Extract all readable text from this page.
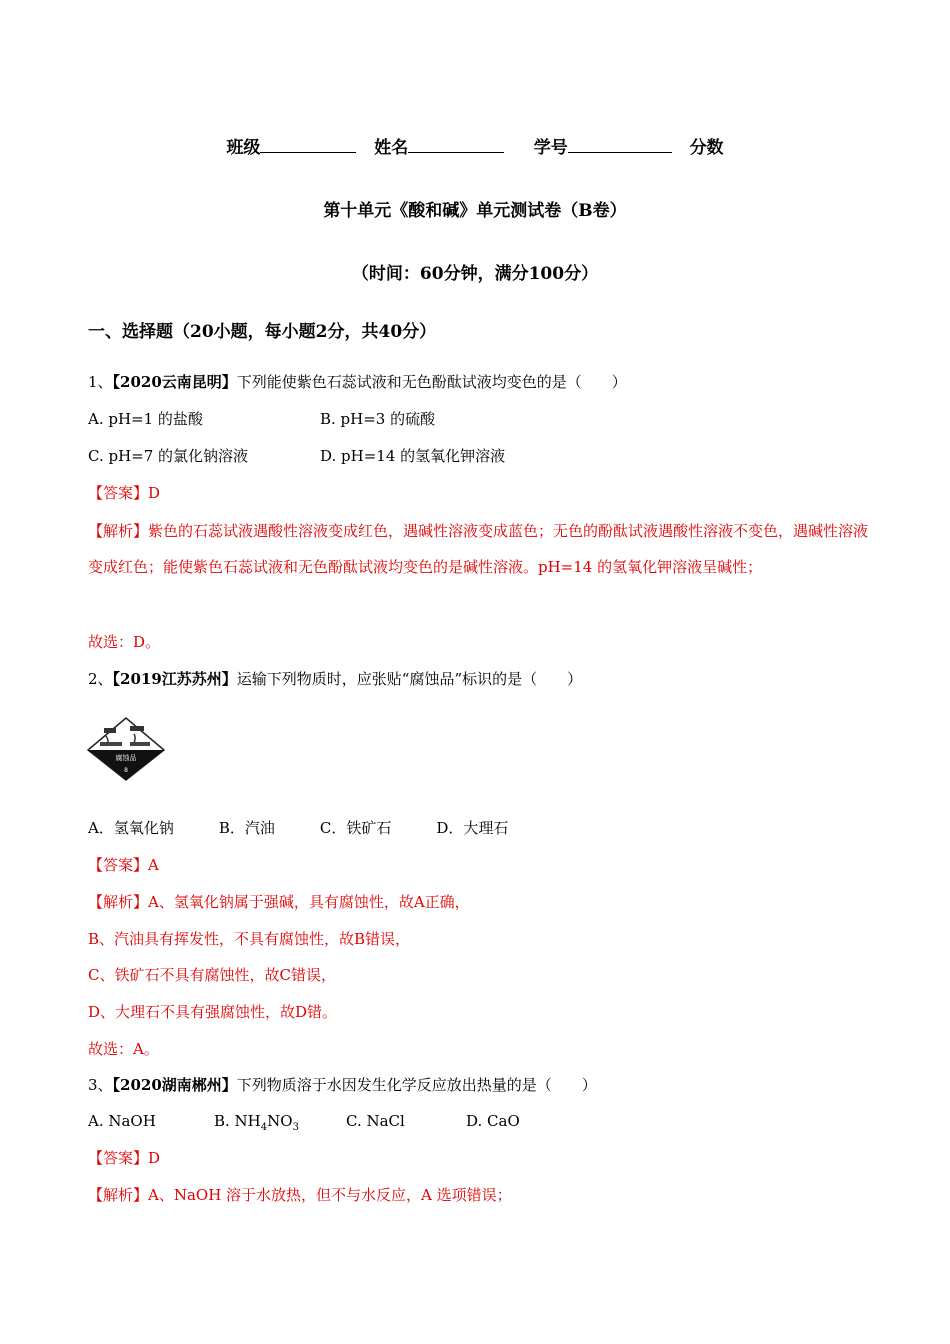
班级	姓名	学号	分数
第十单元《酸和碱》单元测试卷（B卷）
（时间：60分钟，满分100分）
一、选择题（20小题，每小题2分，共40分）
1、【2020云南昆明】下列能使紫色石蕊试液和无色酚酞试液均变色的是（　　）
A. pH=1 的盐酸	B. pH=3 的硫酸
C. pH=7 的氯化钠溶液	D. pH=14 的氢氧化钾溶液
【答案】D
【解析】紫色的石蕊试液遇酸性溶液变成红色，遇碱性溶液变成蓝色；无色的酚酞试液遇酸性溶液不变色，遇碱性溶液变成红色；能使紫色石蕊试液和无色酚酞试液均变色的是碱性溶液。pH=14 的氢氧化钾溶液呈碱性；
故选：D。
2、【2019江苏苏州】运输下列物质时，应张贴“腐蚀品”标识的是（　　）
腐蚀品
8
A．氢氧化钠　　　B．汽油　　　C．铁矿石　　　D．大理石
【答案】A
【解析】A、氢氧化钠属于强碱，具有腐蚀性，故A正确，
B、汽油具有挥发性，不具有腐蚀性，故B错误，
C、铁矿石不具有腐蚀性，故C错误，
D、大理石不具有强腐蚀性，故D错。
故选：A。
3、【2020湖南郴州】下列物质溶于水因发生化学反应放出热量的是（　　）
A. NaOH	B. $NH_4NO_3$	C. NaCl	D. CaO
【答案】D
【解析】A、NaOH 溶于水放热，但不与水反应，A 选项错误；
